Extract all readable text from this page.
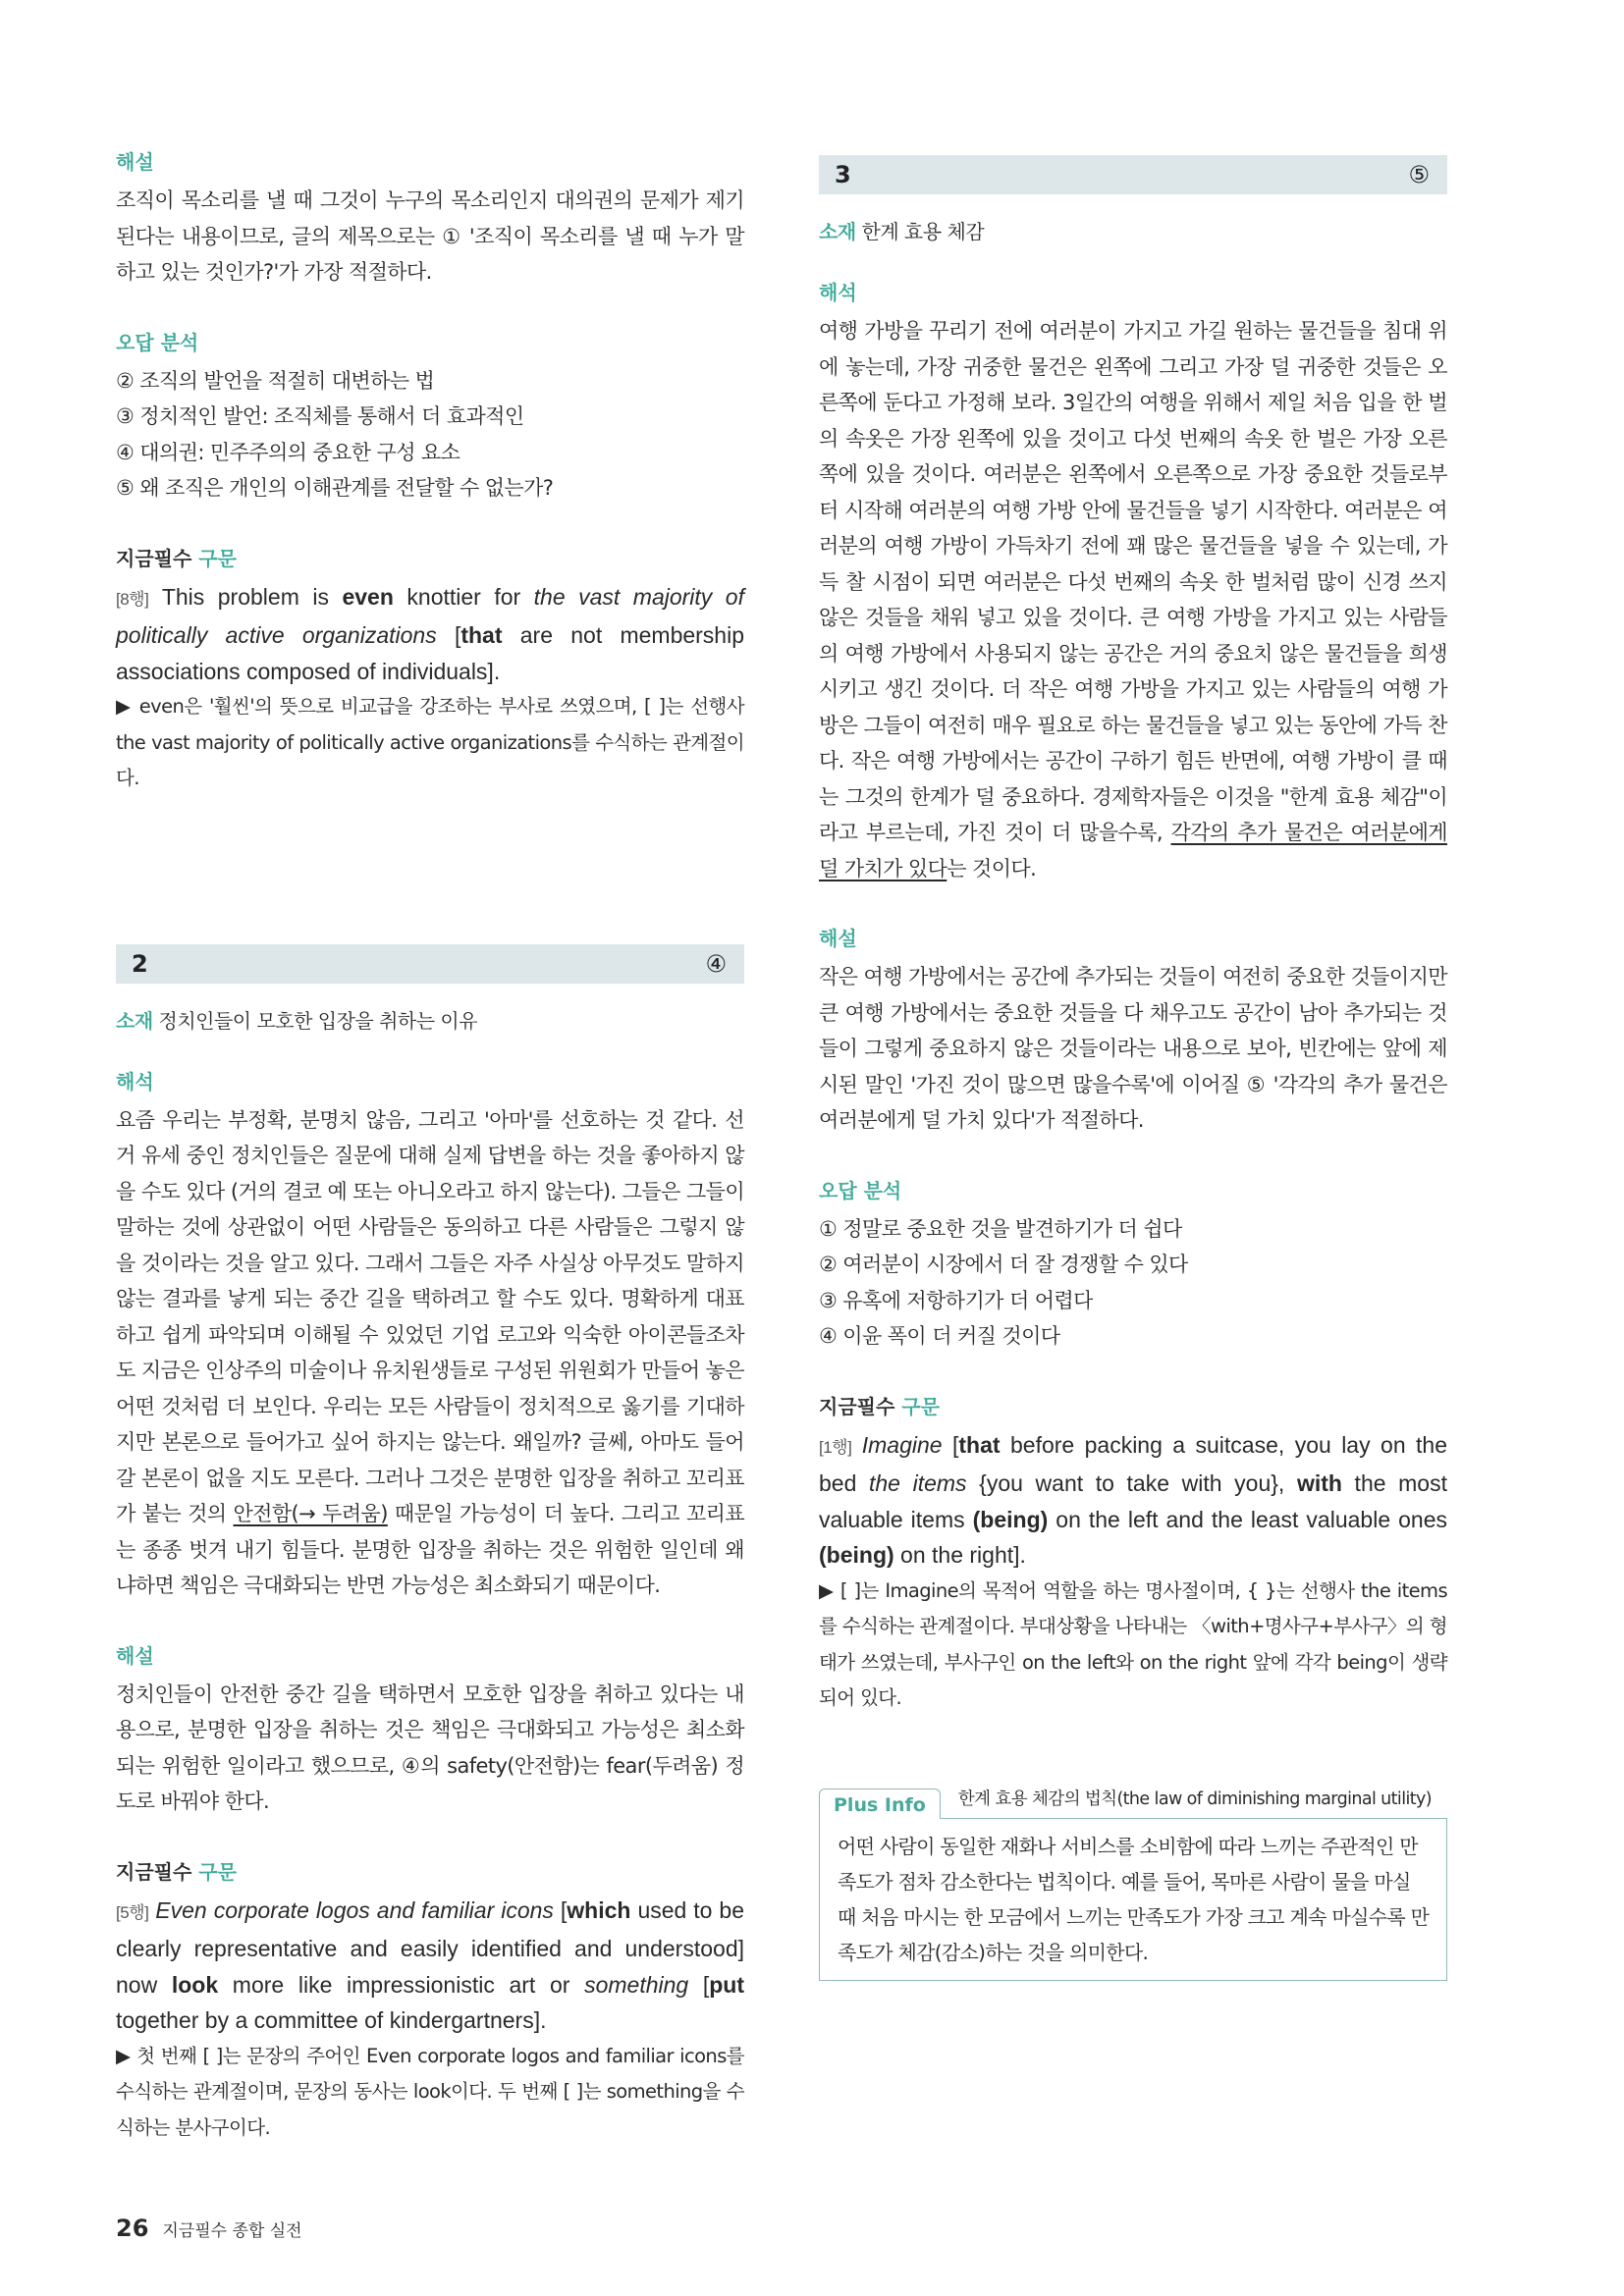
해설

조직이 목소리를 낼 때 그것이 누구의 목소리인지 대의권의 문제가 제기된다는 내용이므로, 글의 제목으로는 ① '조직이 목소리를 낼 때 누가 말하고 있는 것인가?'가 가장 적절하다.

오답 분석
② 조직의 발언을 적절히 대변하는 법
③ 정치적인 발언: 조직체를 통해서 더 효과적인
④ 대의권: 민주주의의 중요한 구성 요소
⑤ 왜 조직은 개인의 이해관계를 전달할 수 없는가?
지금필수 구문

[8행] This problem is even knottier for the vast majority of politically active organizations [that are not membership associations composed of individuals].

▶ even은 '훨씬'의 뜻으로 비교급을 강조하는 부사로 쓰였으며, [ ]는 선행사 the vast majority of politically active organizations를 수식하는 관계절이다.

2	④
소재 정치인들이 모호한 입장을 취하는 이유
해석

요즘 우리는 부정확, 분명치 않음, 그리고 '아마'를 선호하는 것 같다. 선거 유세 중인 정치인들은 질문에 대해 실제 답변을 하는 것을 좋아하지 않을 수도 있다 (거의 결코 예 또는 아니오라고 하지 않는다). 그들은 그들이 말하는 것에 상관없이 어떤 사람들은 동의하고 다른 사람들은 그렇지 않을 것이라는 것을 알고 있다. 그래서 그들은 자주 사실상 아무것도 말하지 않는 결과를 낳게 되는 중간 길을 택하려고 할 수도 있다. 명확하게 대표하고 쉽게 파악되며 이해될 수 있었던 기업 로고와 익숙한 아이콘들조차도 지금은 인상주의 미술이나 유치원생들로 구성된 위원회가 만들어 놓은 어떤 것처럼 더 보인다. 우리는 모든 사람들이 정치적으로 옳기를 기대하지만 본론으로 들어가고 싶어 하지는 않는다. 왜일까? 글쎄, 아마도 들어갈 본론이 없을 지도 모른다. 그러나 그것은 분명한 입장을 취하고 꼬리표가 붙는 것의 안전함(→ 두려움) 때문일 가능성이 더 높다. 그리고 꼬리표는 종종 벗겨 내기 힘들다. 분명한 입장을 취하는 것은 위험한 일인데 왜냐하면 책임은 극대화되는 반면 가능성은 최소화되기 때문이다.

해설

정치인들이 안전한 중간 길을 택하면서 모호한 입장을 취하고 있다는 내용으로, 분명한 입장을 취하는 것은 책임은 극대화되고 가능성은 최소화되는 위험한 일이라고 했으므로, ④의 safety(안전함)는 fear(두려움) 정도로 바꿔야 한다.

지금필수 구문

[5행] Even corporate logos and familiar icons [which used to be clearly representative and easily identified and understood] now look more like impressionistic art or something [put together by a committee of kindergartners].

▶ 첫 번째 [ ]는 문장의 주어인 Even corporate logos and familiar icons를 수식하는 관계절이며, 문장의 동사는 look이다. 두 번째 [ ]는 something을 수식하는 분사구이다.

3	⑤
소재 한계 효용 체감
해석

여행 가방을 꾸리기 전에 여러분이 가지고 가길 원하는 물건들을 침대 위에 놓는데, 가장 귀중한 물건은 왼쪽에 그리고 가장 덜 귀중한 것들은 오른쪽에 둔다고 가정해 보라. 3일간의 여행을 위해서 제일 처음 입을 한 벌의 속옷은 가장 왼쪽에 있을 것이고 다섯 번째의 속옷 한 벌은 가장 오른쪽에 있을 것이다. 여러분은 왼쪽에서 오른쪽으로 가장 중요한 것들로부터 시작해 여러분의 여행 가방 안에 물건들을 넣기 시작한다. 여러분은 여러분의 여행 가방이 가득차기 전에 꽤 많은 물건들을 넣을 수 있는데, 가득 찰 시점이 되면 여러분은 다섯 번째의 속옷 한 벌처럼 많이 신경 쓰지 않은 것들을 채워 넣고 있을 것이다. 큰 여행 가방을 가지고 있는 사람들의 여행 가방에서 사용되지 않는 공간은 거의 중요치 않은 물건들을 희생시키고 생긴 것이다. 더 작은 여행 가방을 가지고 있는 사람들의 여행 가방은 그들이 여전히 매우 필요로 하는 물건들을 넣고 있는 동안에 가득 찬다. 작은 여행 가방에서는 공간이 구하기 힘든 반면에, 여행 가방이 클 때는 그것의 한계가 덜 중요하다. 경제학자들은 이것을 "한계 효용 체감"이라고 부르는데, 가진 것이 더 많을수록, 각각의 추가 물건은 여러분에게 덜 가치가 있다는 것이다.

해설

작은 여행 가방에서는 공간에 추가되는 것들이 여전히 중요한 것들이지만 큰 여행 가방에서는 중요한 것들을 다 채우고도 공간이 남아 추가되는 것들이 그렇게 중요하지 않은 것들이라는 내용으로 보아, 빈칸에는 앞에 제시된 말인 '가진 것이 많으면 많을수록'에 이어질 ⑤ '각각의 추가 물건은 여러분에게 덜 가치 있다'가 적절하다.

오답 분석
① 정말로 중요한 것을 발견하기가 더 쉽다
② 여러분이 시장에서 더 잘 경쟁할 수 있다
③ 유혹에 저항하기가 더 어렵다
④ 이윤 폭이 더 커질 것이다
지금필수 구문

[1행] Imagine [that before packing a suitcase, you lay on the bed the items {you want to take with you}, with the most valuable items (being) on the left and the least valuable ones (being) on the right].

▶ [ ]는 Imagine의 목적어 역할을 하는 명사절이며, { }는 선행사 the items를 수식하는 관계절이다. 부대상황을 나타내는 〈with+명사구+부사구〉의 형태가 쓰였는데, 부사구인 on the left와 on the right 앞에 각각 being이 생략되어 있다.

Plus Info	한계 효용 체감의 법칙(the law of diminishing marginal utility)

어떤 사람이 동일한 재화나 서비스를 소비함에 따라 느끼는 주관적인 만족도가 점차 감소한다는 법칙이다. 예를 들어, 목마른 사람이 물을 마실 때 처음 마시는 한 모금에서 느끼는 만족도가 가장 크고 계속 마실수록 만족도가 체감(감소)하는 것을 의미한다.

26 지금필수 종합 실전
